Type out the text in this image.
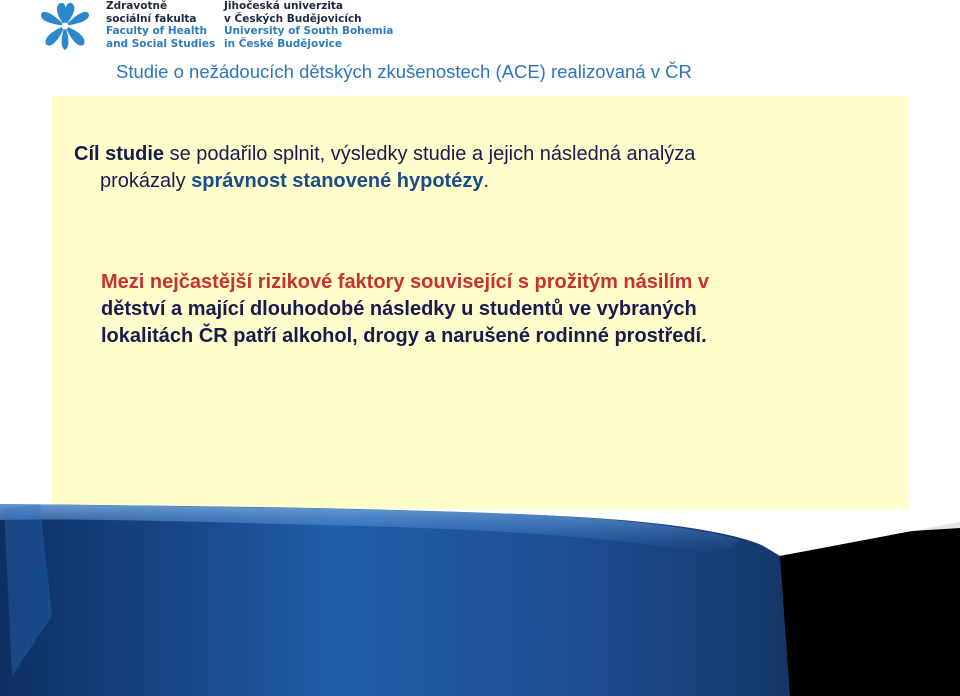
Zdravotně
sociální fakulta
Faculty of Health
and Social Studies
Jihočeská univerzita
v Českých Budějovicích
University of South Bohemia
in České Budějovice
Studie o nežádoucích dětských zkušenostech (ACE) realizovaná v ČR

Cíl studie se podařilo splnit, výsledky studie a jejich následná analýza
prokázaly správnost stanovené hypotézy.

Mezi nejčastější rizikové faktory související s prožitým násilím v
dětství a mající dlouhodobé následky u studentů ve vybraných
lokalitách ČR patří alkohol, drogy a narušené rodinné prostředí.
